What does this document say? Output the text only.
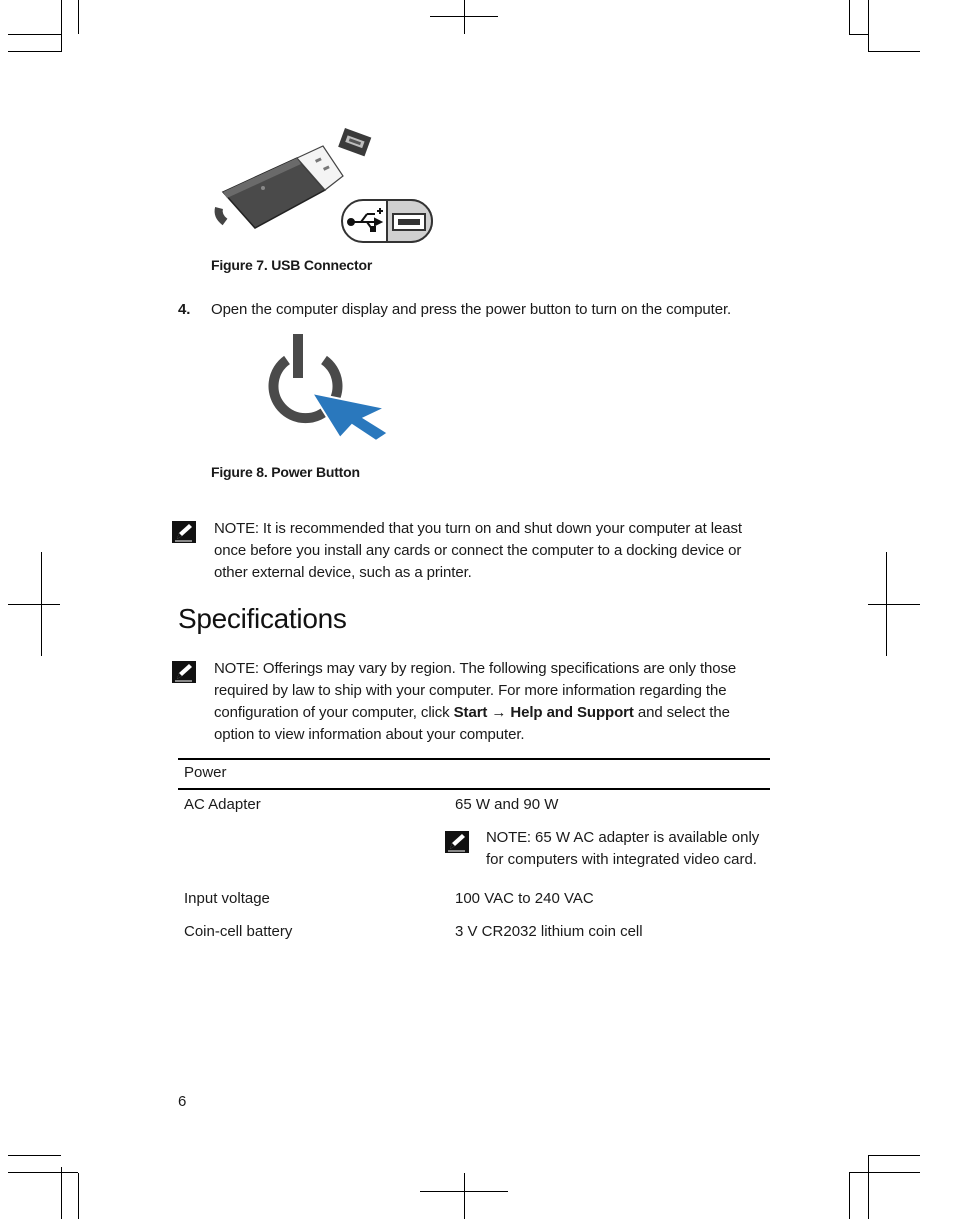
Figure 7. USB Connector
4. Open the computer display and press the power button to turn on the computer.
Figure 8. Power Button
NOTE: It is recommended that you turn on and shut down your computer at least
once before you install any cards or connect the computer to a docking device or
other external device, such as a printer.
Specifications
NOTE: Offerings may vary by region. The following specifications are only those
required by law to ship with your computer. For more information regarding the
configuration of your computer, click Start → Help and Support and select the
option to view information about your computer.
Power
AC Adapter	65 W and 90 W
NOTE: 65 W AC adapter is available only
for computers with integrated video card.
Input voltage	100 VAC to 240 VAC
Coin-cell battery	3 V CR2032 lithium coin cell
6
